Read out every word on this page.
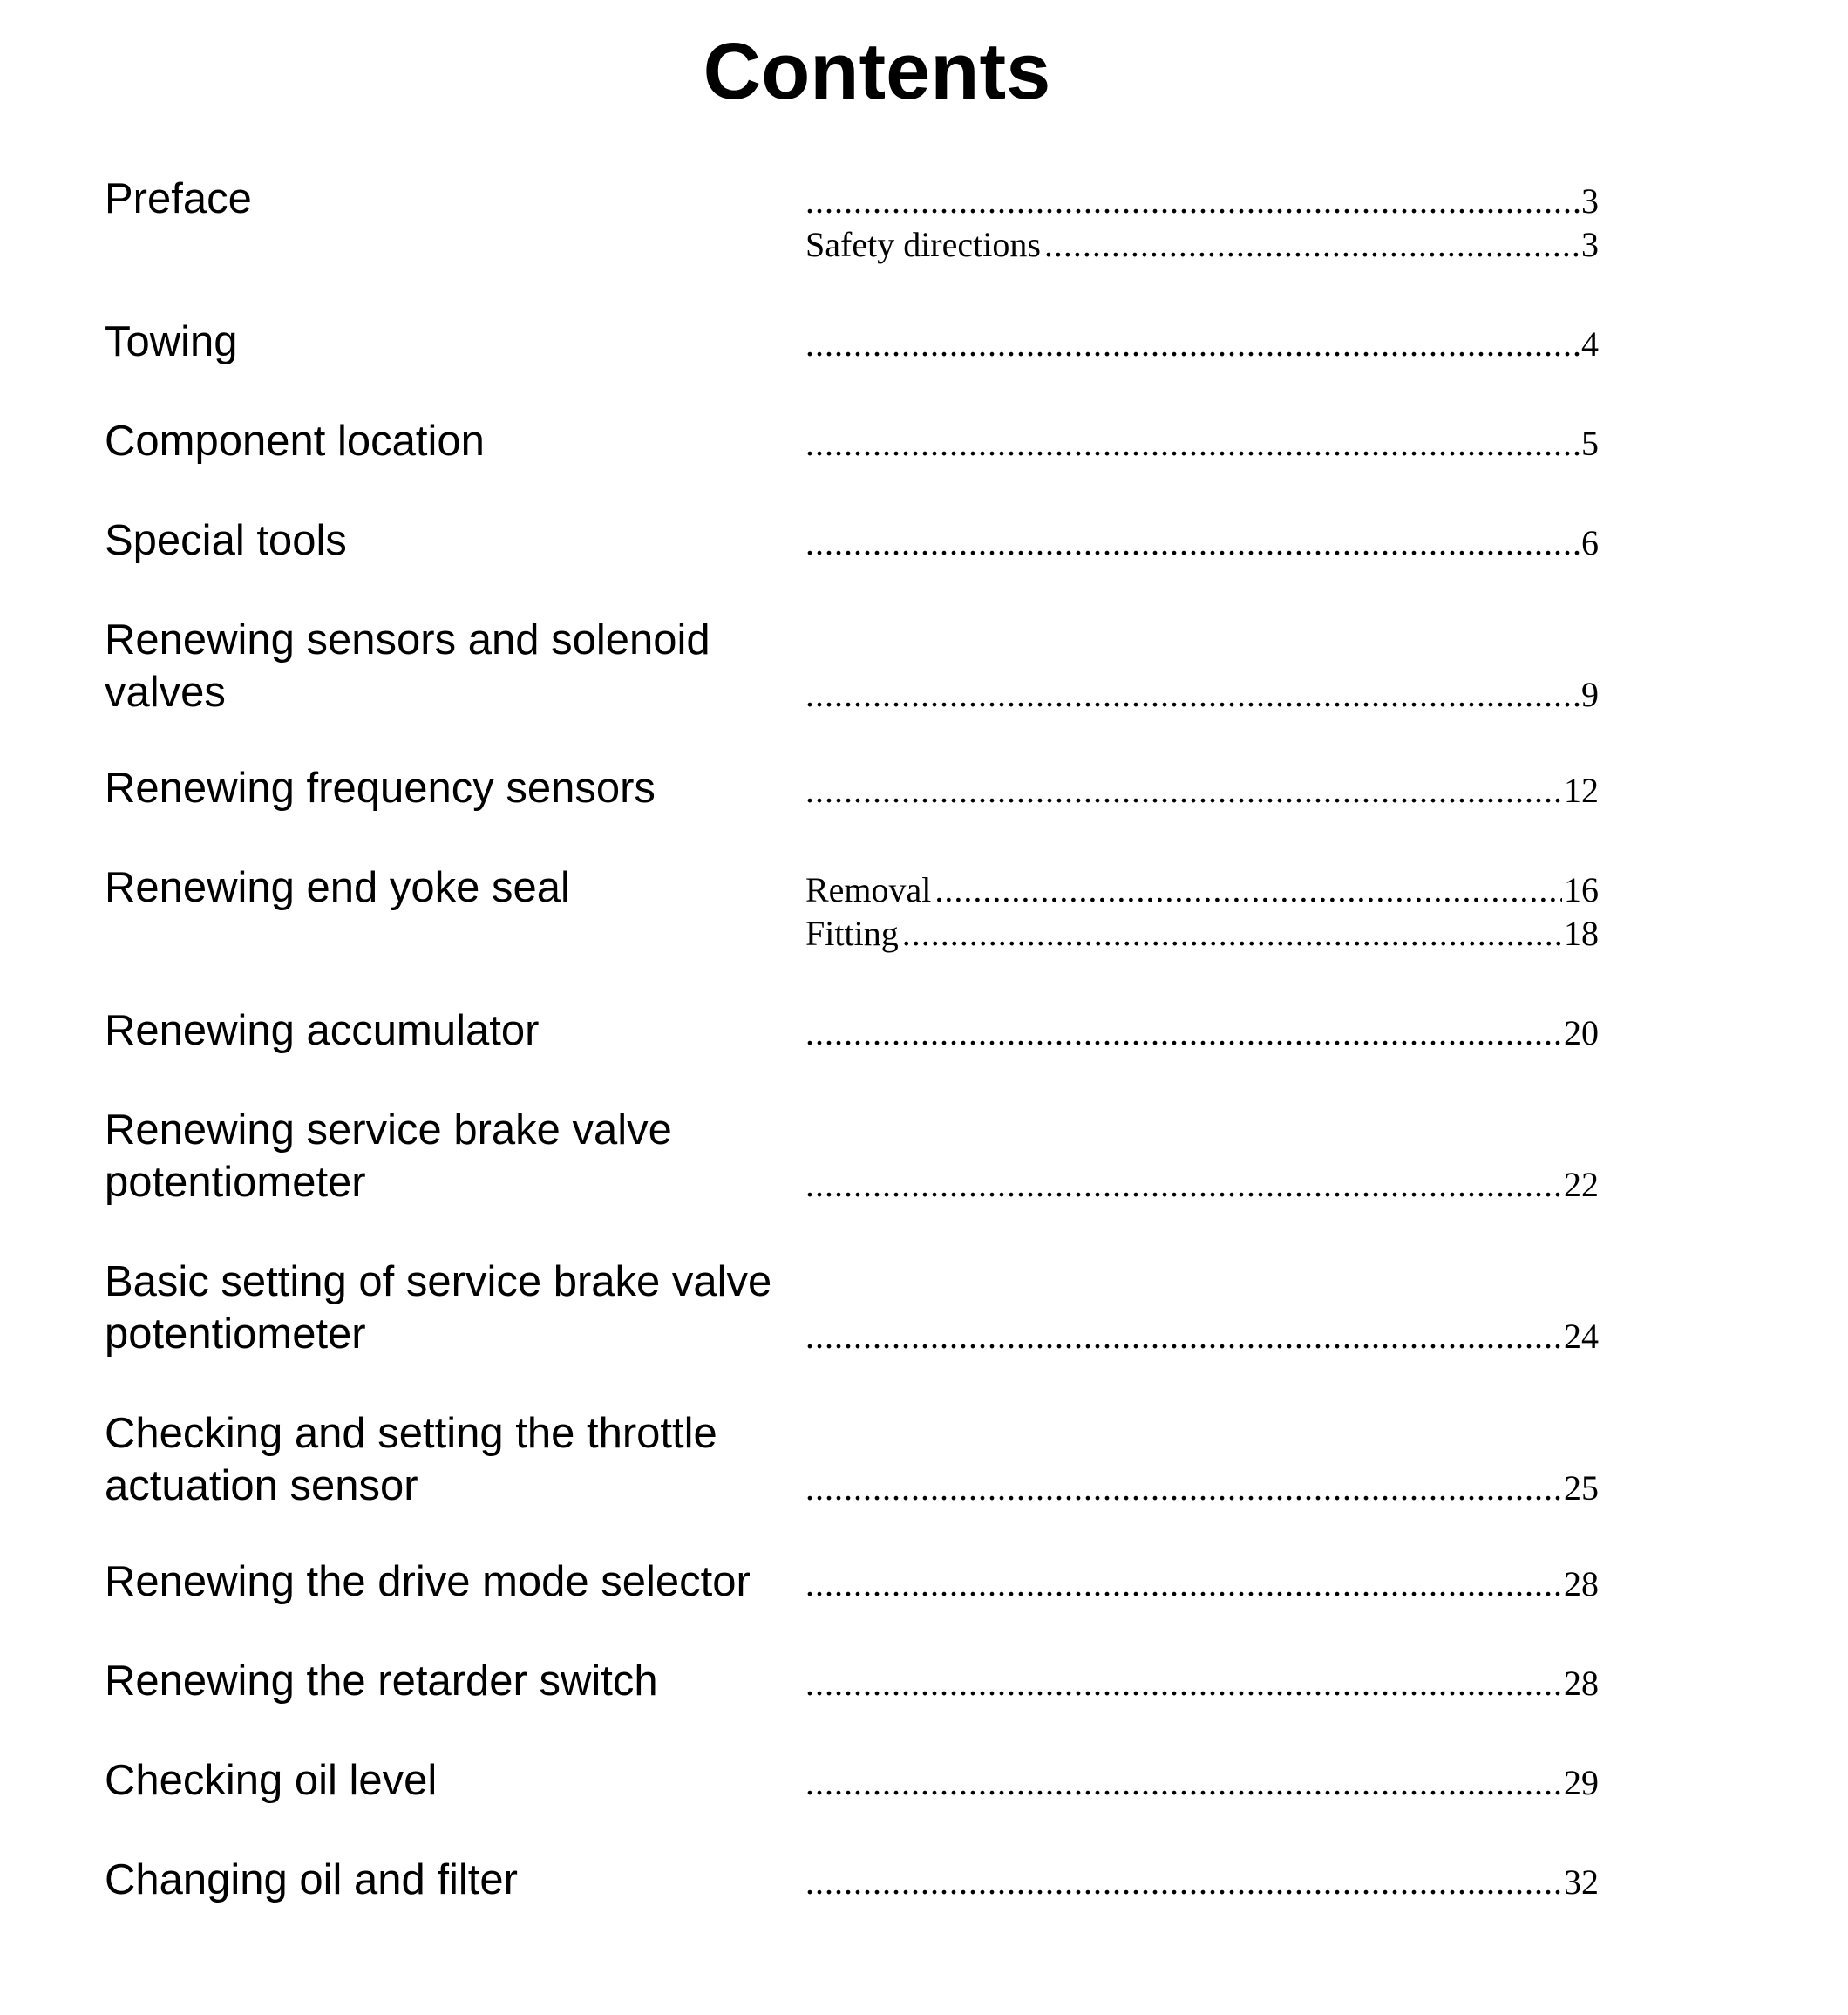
Contents
Preface .....	3
Safety directions .....	3
Towing .....	4
Component location .....	5
Special tools .....	6
Renewing sensors and solenoid
valves .....	9
Renewing frequency sensors .....	12
Renewing end yoke seal	Removal .....	16
Fitting .....	18
Renewing accumulator .....	20
Renewing service brake valve
potentiometer .....	22
Basic setting of service brake valve
potentiometer .....	24
Checking and setting the throttle
actuation sensor .....	25
Renewing the drive mode selector .....	28
Renewing the retarder switch .....	28
Checking oil level .....	29
Changing oil and filter .....	32
